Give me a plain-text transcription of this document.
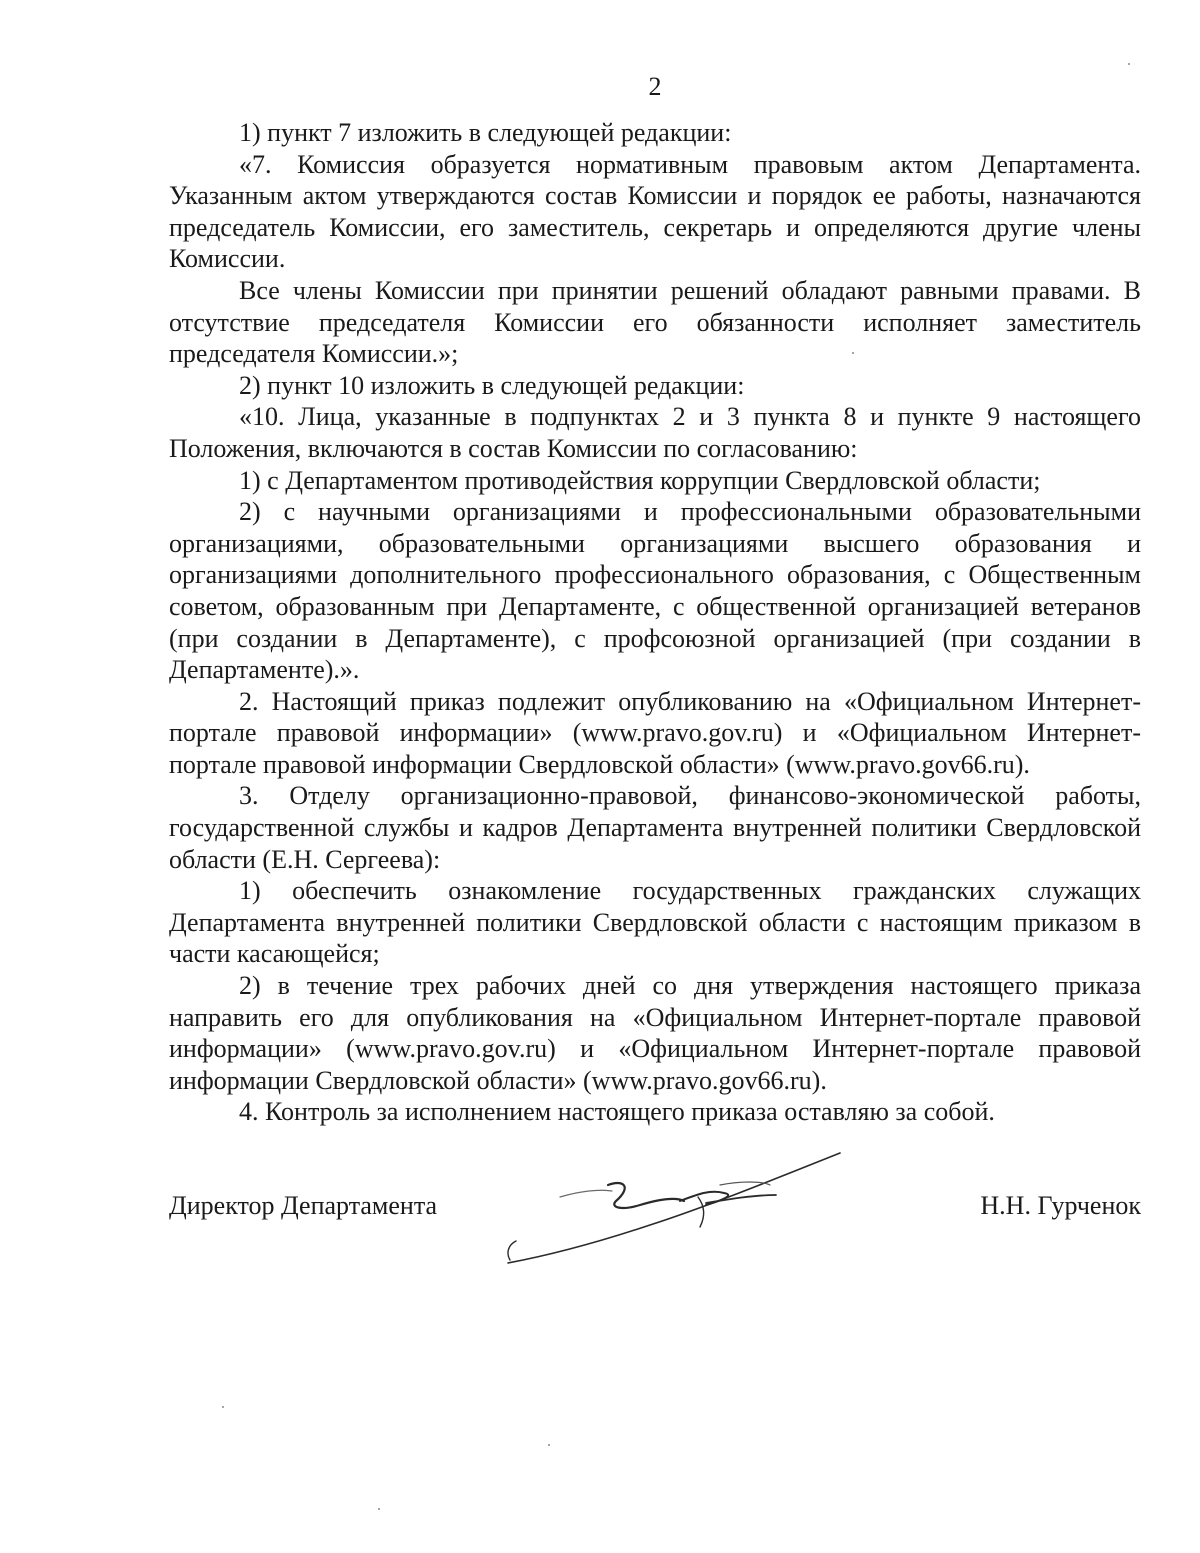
2

1) пункт 7 изложить в следующей редакции:

«7. Комиссия образуется нормативным правовым актом Департамента. Указанным актом утверждаются состав Комиссии и порядок ее работы, назначаются председатель Комиссии, его заместитель, секретарь и определяются другие члены Комиссии.

Все члены Комиссии при принятии решений обладают равными правами. В отсутствие председателя Комиссии его обязанности исполняет заместитель председателя Комиссии.»;

2) пункт 10 изложить в следующей редакции:

«10. Лица, указанные в подпунктах 2 и 3 пункта 8 и пункте 9 настоящего Положения, включаются в состав Комиссии по согласованию:

1) с Департаментом противодействия коррупции Свердловской области;

2) с научными организациями и профессиональными образовательными организациями, образовательными организациями высшего образования и организациями дополнительного профессионального образования, с Общественным советом, образованным при Департаменте, с общественной организацией ветеранов (при создании в Департаменте), с профсоюзной организацией (при создании в Департаменте).».

2. Настоящий приказ подлежит опубликованию на «Официальном Интернет-портале правовой информации» (www.pravo.gov.ru) и «Официальном Интернет-портале правовой информации Свердловской области» (www.pravo.gov66.ru).

3. Отделу организационно-правовой, финансово-экономической работы, государственной службы и кадров Департамента внутренней политики Свердловской области (Е.Н. Сергеева):

1) обеспечить ознакомление государственных гражданских служащих Департамента внутренней политики Свердловской области с настоящим приказом в части касающейся;

2) в течение трех рабочих дней со дня утверждения настоящего приказа направить его для опубликования на «Официальном Интернет-портале правовой информации» (www.pravo.gov.ru) и «Официальном Интернет-портале правовой информации Свердловской области» (www.pravo.gov66.ru).

4. Контроль за исполнением настоящего приказа оставляю за собой.

Директор Департамента	Н.Н. Гурченок
